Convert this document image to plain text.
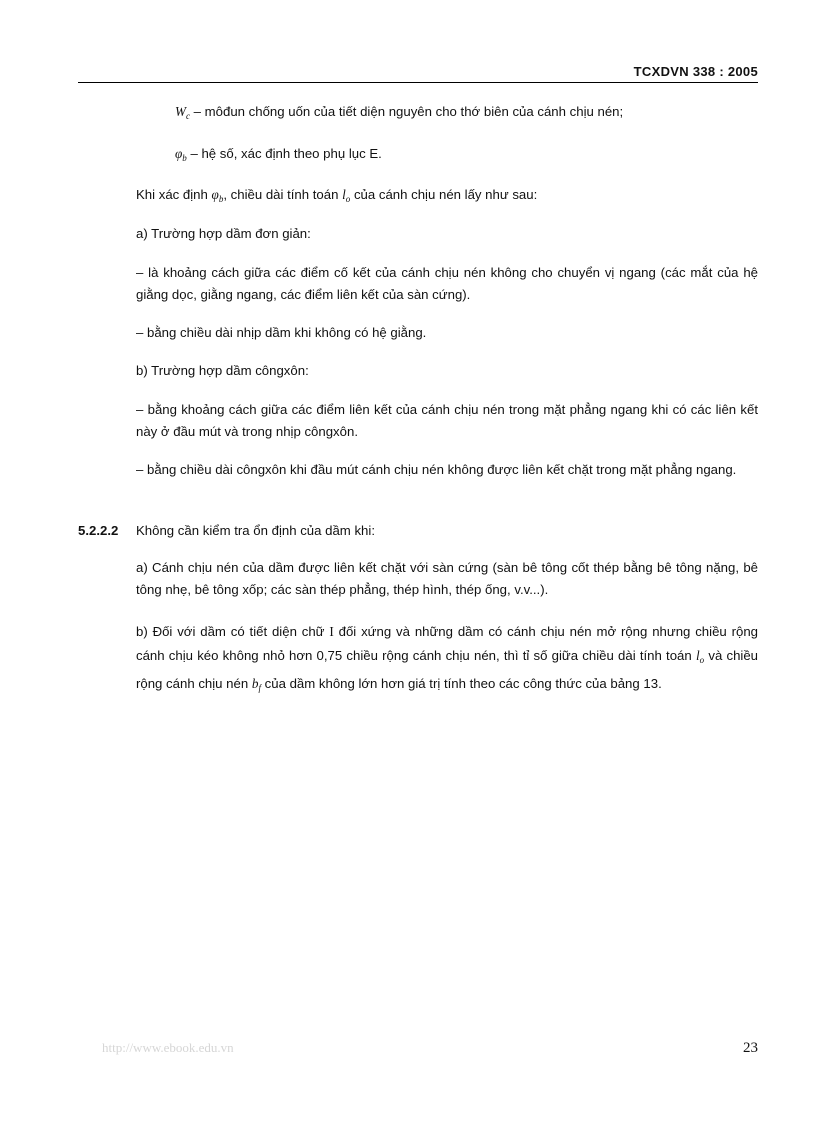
TCXDVN 338 : 2005
$W_c$ – môđun chống uốn của tiết diện nguyên cho thớ biên của cánh chịu nén;
$\varphi_b$ – hệ số, xác định theo phụ lục E.
Khi xác định $\varphi_b$, chiều dài tính toán $l_o$ của cánh chịu nén lấy như sau:
a) Trường hợp dầm đơn giản:
– là khoảng cách giữa các điểm cố kết của cánh chịu nén không cho chuyển vị ngang (các mắt của hệ giằng dọc, giằng ngang, các điểm liên kết của sàn cứng).
– bằng chiều dài nhịp dầm khi không có hệ giằng.
b) Trường hợp dầm côngxôn:
– bằng khoảng cách giữa các điểm liên kết của cánh chịu nén trong mặt phẳng ngang khi có các liên kết này ở đầu mút và trong nhịp côngxôn.
– bằng chiều dài côngxôn khi đầu mút cánh chịu nén không được liên kết chặt trong mặt phẳng ngang.
5.2.2.2 Không cần kiểm tra ổn định của dầm khi:
a) Cánh chịu nén của dầm được liên kết chặt với sàn cứng (sàn bê tông cốt thép bằng bê tông nặng, bê tông nhẹ, bê tông xốp; các sàn thép phẳng, thép hình, thép ống, v.v...).
b) Đối với dầm có tiết diện chữ I đối xứng và những dầm có cánh chịu nén mở rộng nhưng chiều rộng cánh chịu kéo không nhỏ hơn 0,75 chiều rộng cánh chịu nén, thì tỉ số giữa chiều dài tính toán $l_o$ và chiều rộng cánh chịu nén $b_f$ của dầm không lớn hơn giá trị tính theo các công thức của bảng 13.
http://www.ebook.edu.vn	23
